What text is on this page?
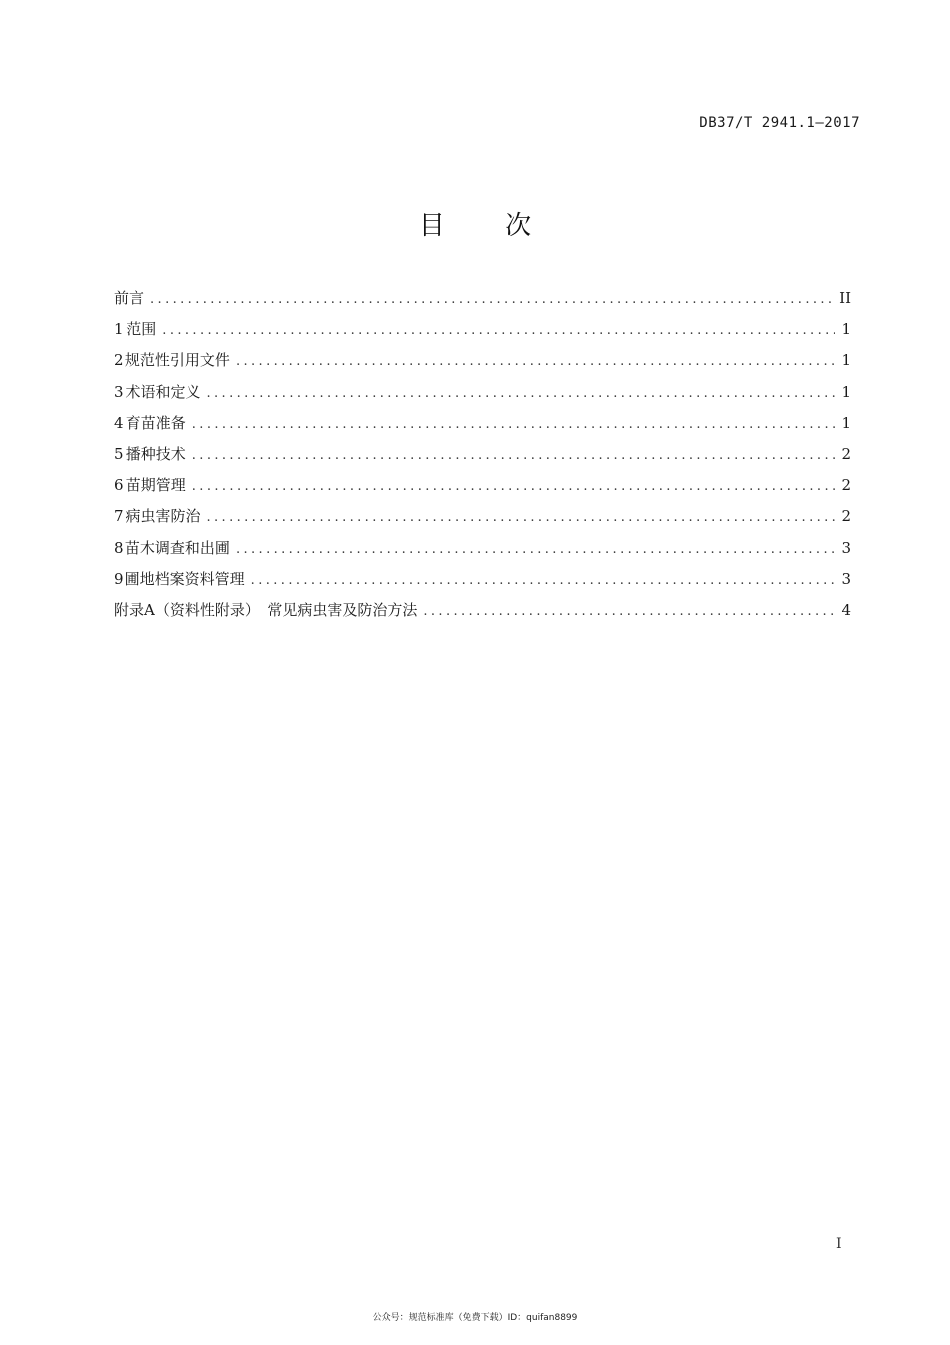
DB37/T 2941.1—2017
目 次
前言 .....	II
1 范围 .....	1
2 规范性引用文件 .....	1
3 术语和定义 .....	1
4 育苗准备 .....	1
5 播种技术 .....	2
6 苗期管理 .....	2
7 病虫害防治 .....	2
8 苗木调查和出圃 .....	3
9 圃地档案资料管理 .....	3
附录A（资料性附录）　常见病虫害及防治方法 .....	4
I
公众号：规范标准库（免费下载）ID：quifan8899
